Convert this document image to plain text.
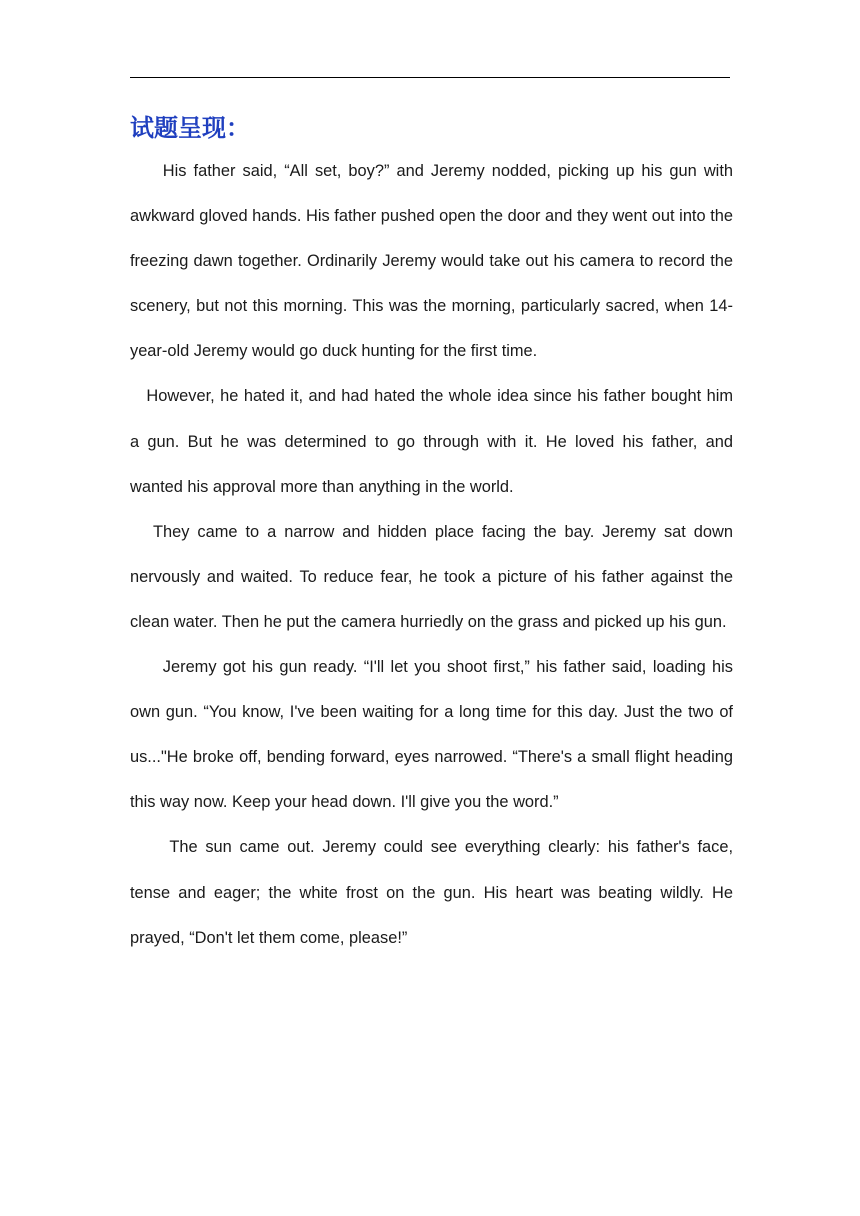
试题呈现：

His father said, “All set, boy?” and Jeremy nodded, picking up his gun with awkward gloved hands. His father pushed open the door and they went out into the freezing dawn together. Ordinarily Jeremy would take out his camera to record the scenery, but not this morning. This was the morning, particularly sacred, when 14-year-old Jeremy would go duck hunting for the first time.

However, he hated it, and had hated the whole idea since his father bought him a gun. But he was determined to go through with it. He loved his father, and wanted his approval more than anything in the world.

They came to a narrow and hidden place facing the bay. Jeremy sat down nervously and waited. To reduce fear, he took a picture of his father against the clean water. Then he put the camera hurriedly on the grass and picked up his gun.

Jeremy got his gun ready. “I'll let you shoot first,” his father said, loading his own gun. “You know, I've been waiting for a long time for this day. Just the two of us..."He broke off, bending forward, eyes narrowed. “There's a small flight heading this way now. Keep your head down. I'll give you the word.”

The sun came out. Jeremy could see everything clearly: his father's face, tense and eager; the white frost on the gun. His heart was beating wildly. He prayed, “Don't let them come, please!”
